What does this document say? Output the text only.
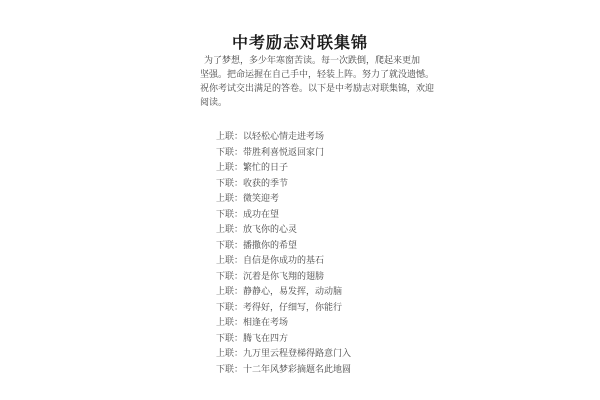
中考励志对联集锦
为了梦想，多少年寒窗苦读。每一次跌倒，爬起来更加
坚强。把命运握在自己手中，轻装上阵。努力了就没遗憾。
祝你考试交出满足的答卷。以下是中考励志对联集锦，欢迎
阅读。
上联：以轻松心情走进考场
下联：带胜利喜悦返回家门
上联：繁忙的日子
下联：收获的季节
上联：微笑迎考
下联：成功在望
上联：放飞你的心灵
下联：播撒你的希望
上联：自信是你成功的基石
下联：沉着是你飞翔的翅膀
上联：静静心，易发挥，动动脑
下联：考得好，仔细写，你能行
上联：相逢在考场
下联：腾飞在四方
上联：九万里云程登梯得路意门入
下联：十二年风梦彩摘题名此地圆
